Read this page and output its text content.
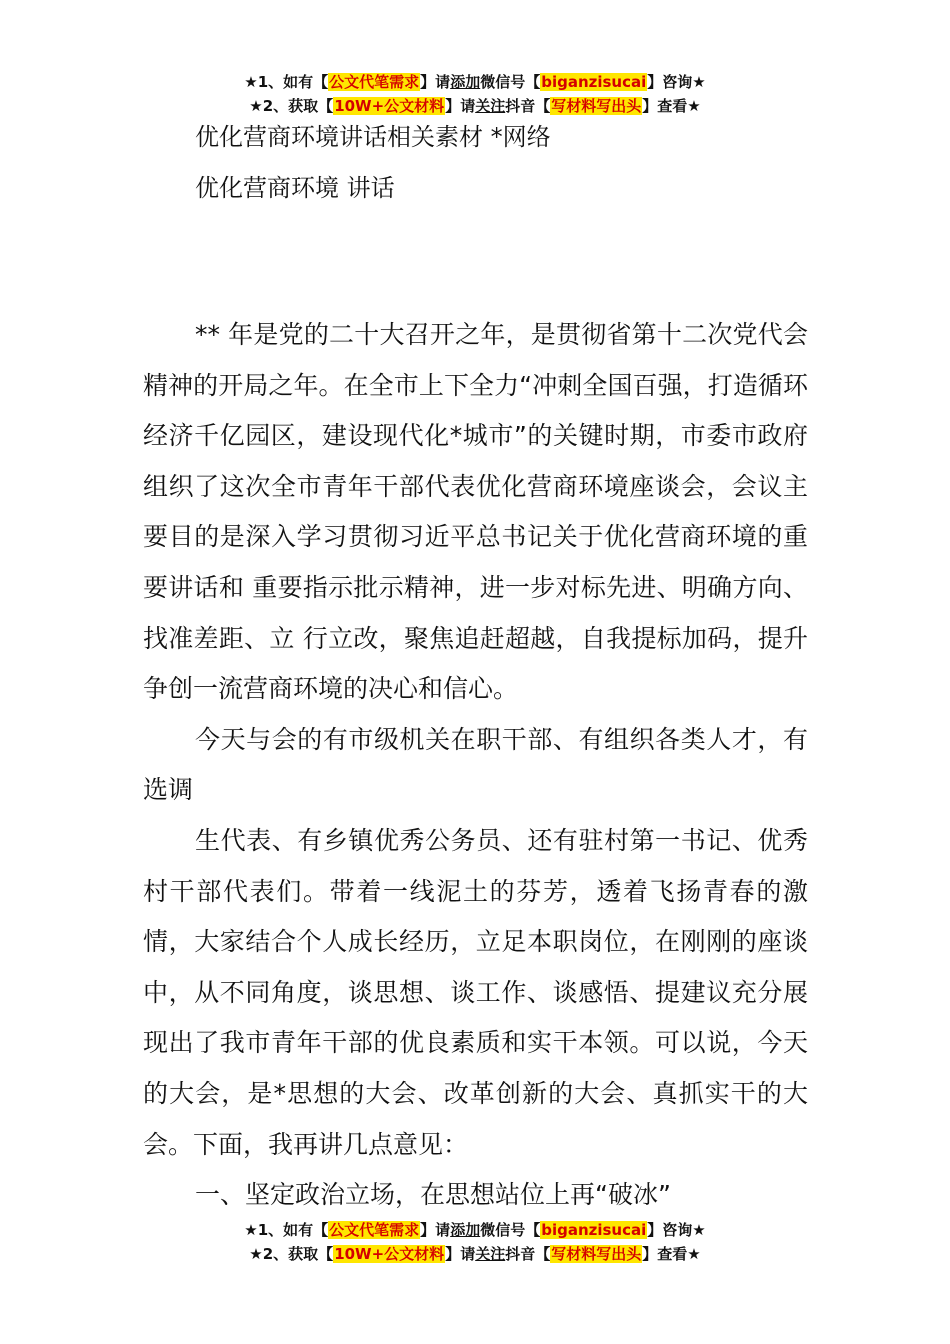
★1、如有【公文代笔需求】请添加微信号【biganzisucai】咨询★
★2、获取【10W+公文材料】请关注抖音【写材料写出头】查看★
优化营商环境讲话相关素材 *网络
优化营商环境 讲话

** 年是党的二十大召开之年，是贯彻省第十二次党代会精神的开局之年。在全市上下全力“冲刺全国百强，打造循环经济千亿园区，建设现代化*城市”的关键时期，市委市政府组织了这次全市青年干部代表优化营商环境座谈会，会议主要目的是深入学习贯彻习近平总书记关于优化营商环境的重要讲话和 重要指示批示精神，进一步对标先进、明确方向、找准差距、立 行立改，聚焦追赶超越，自我提标加码，提升争创一流营商环境的决心和信心。

今天与会的有市级机关在职干部、有组织各类人才，有选调

生代表、有乡镇优秀公务员、还有驻村第一书记、优秀村干部代表们。带着一线泥土的芬芳，透着飞扬青春的激情，大家结合个人成长经历，立足本职岗位，在刚刚的座谈中，从不同角度，谈思想、谈工作、谈感悟、提建议充分展现出了我市青年干部的优良素质和实干本领。可以说，今天的大会，是*思想的大会、改革创新的大会、真抓实干的大会。下面，我再讲几点意见：

一、坚定政治立场，在思想站位上再“破冰”

★1、如有【公文代笔需求】请添加微信号【biganzisucai】咨询★
★2、获取【10W+公文材料】请关注抖音【写材料写出头】查看★
